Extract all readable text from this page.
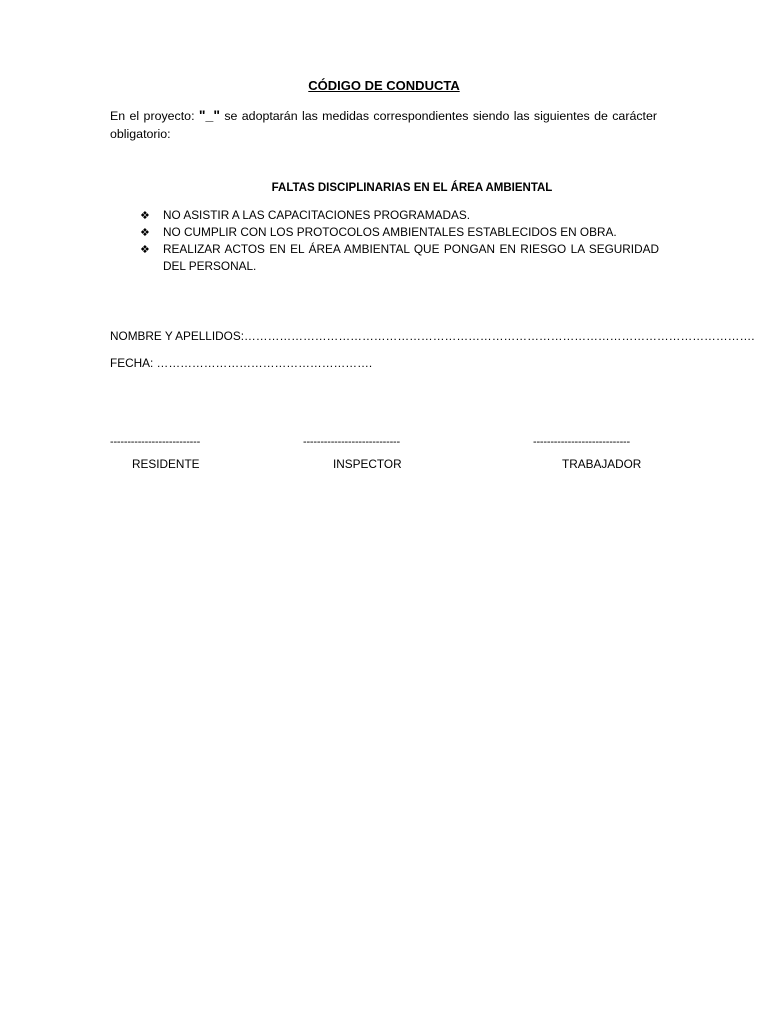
CÓDIGO DE CONDUCTA
En el proyecto: "_" se adoptarán las medidas correspondientes siendo las siguientes de carácter obligatorio:
FALTAS DISCIPLINARIAS EN EL ÁREA AMBIENTAL
❖ NO ASISTIR A LAS CAPACITACIONES PROGRAMADAS.
❖ NO CUMPLIR CON LOS PROTOCOLOS AMBIENTALES ESTABLECIDOS EN OBRA.
❖ REALIZAR ACTOS EN EL ÁREA AMBIENTAL QUE PONGAN EN RIESGO LA SEGURIDAD DEL PERSONAL.
NOMBRE Y APELLIDOS:………………………………………………………………………………………………………………….
FECHA: ……………………………………………….
--------------------------	----------------------------	----------------------------
RESIDENTE	INSPECTOR	TRABAJADOR
